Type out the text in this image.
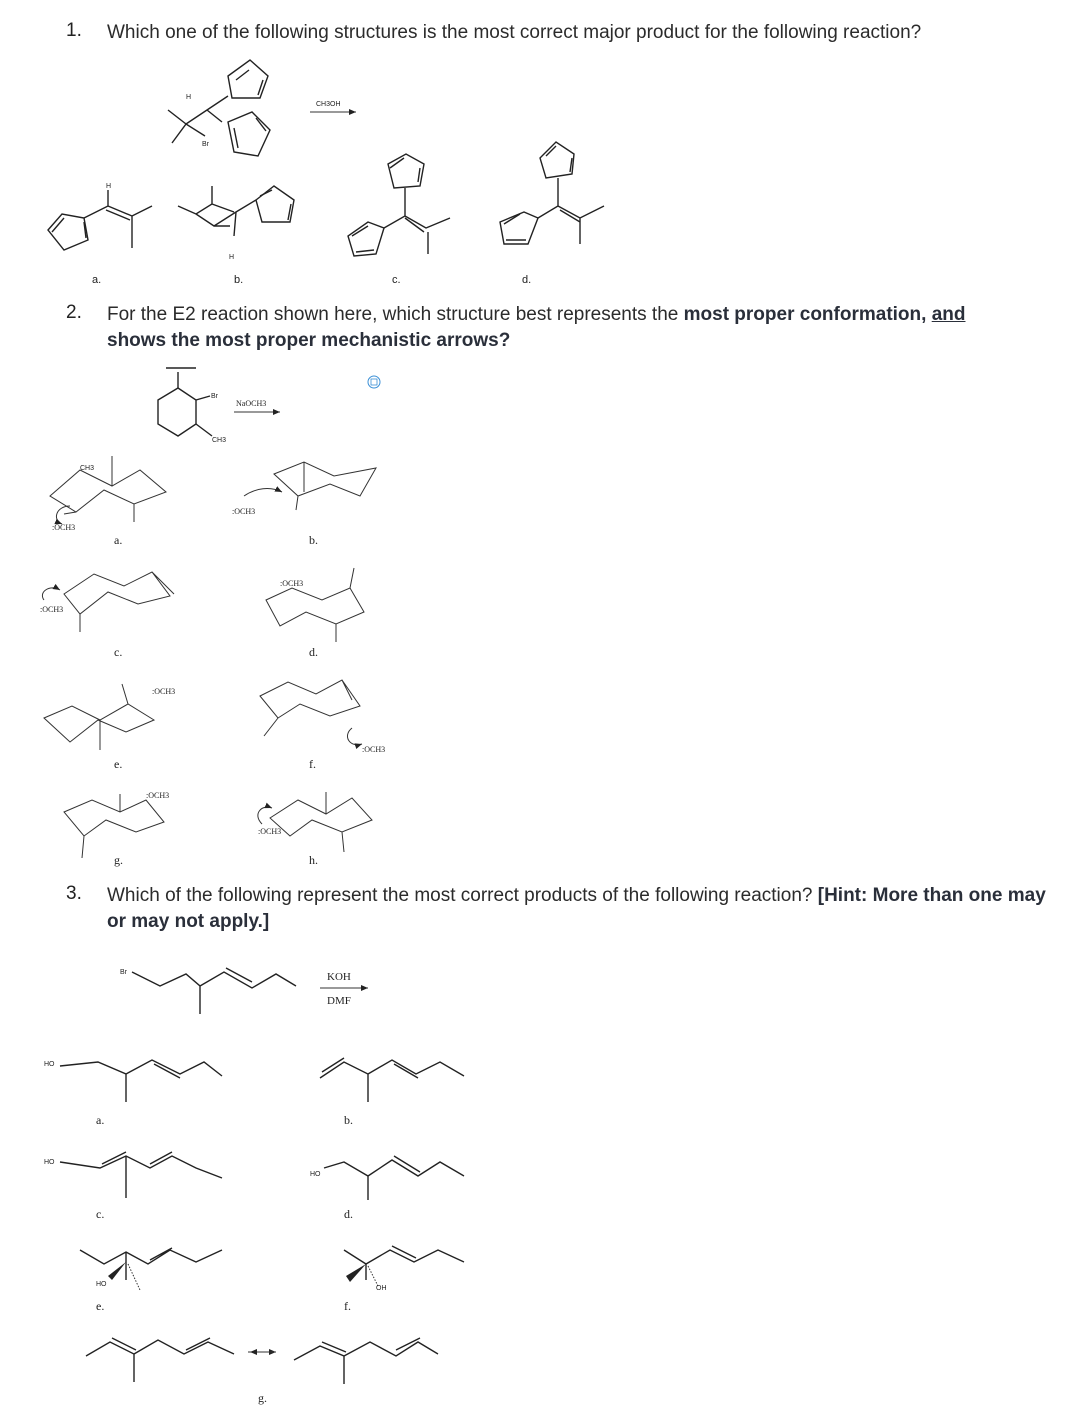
1. Which one of the following structures is the most correct major product for the following reaction?
2. For the E2 reaction shown here, which structure best represents the most proper conformation, and
shows the most proper mechanistic arrows?
3. Which of the following represent the most correct products of the following reaction? [Hint: More than one may or may not apply.]
H
Br
CH3OH
H
H
a.	b.	c.	d.
Br
CH3
NaOCH3
CH3
:OCH3
:OCH3
:OCH3
:OCH3
:OCH3
:OCH3
:OCH3
:OCH3
a.	b.
c.	d.
e.	f.
g.	h.
Br	KOH
DMF
HO
HO
HO
HO
OH
a.	b.
c.	d.
e.	f.
g.
